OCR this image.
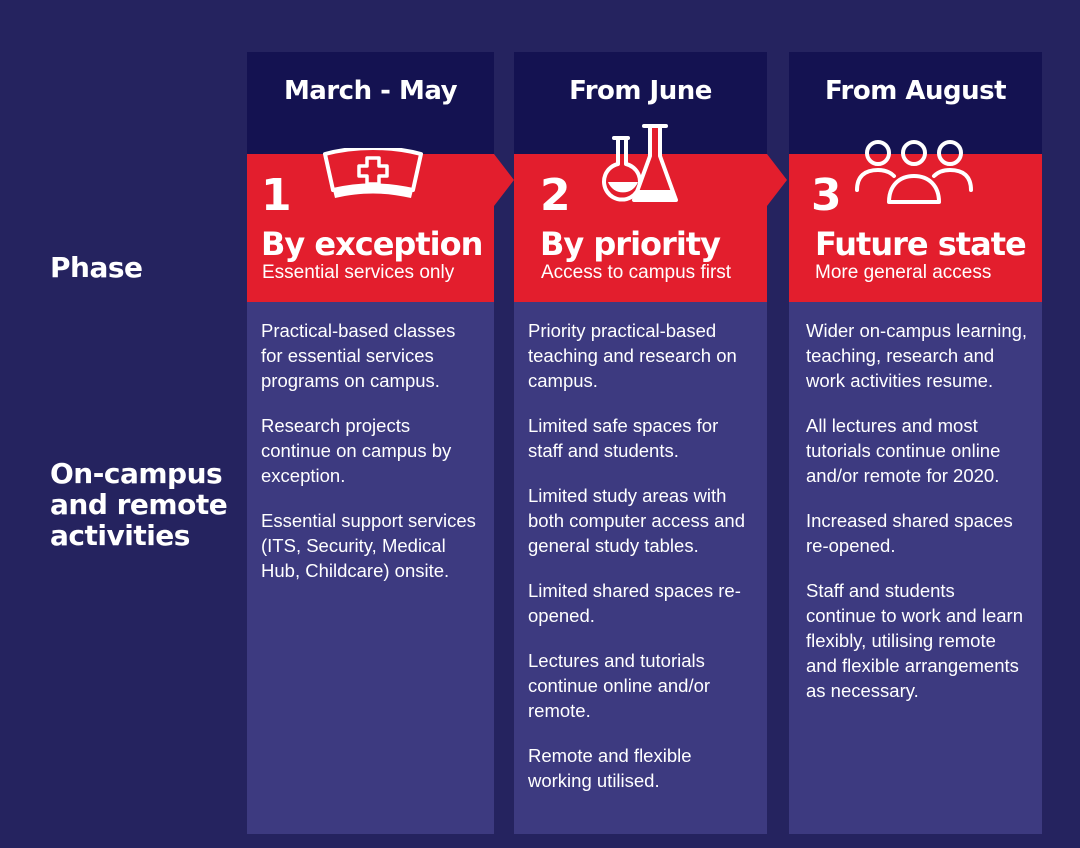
Phase
On-campus and remote activities
March - May
1
By exception
Essential services only
Practical-based classes for essential services programs on campus.
Research projects continue on campus by exception.
Essential support services (ITS, Security, Medical Hub, Childcare) onsite.
From June
2
By priority
Access to campus first
Priority practical-based teaching and research on campus.
Limited safe spaces for staff and students.
Limited study areas with both computer access and general study tables.
Limited shared spaces re-opened.
Lectures and tutorials continue online and/or remote.
Remote and flexible working utilised.
From August
3
Future state
More general access
Wider on-campus learning, teaching, research and work activities resume.
All lectures and most tutorials continue online and/or remote for 2020.
Increased shared spaces re-opened.
Staff and students continue to work and learn flexibly, utilising remote and flexible arrangements as necessary.
